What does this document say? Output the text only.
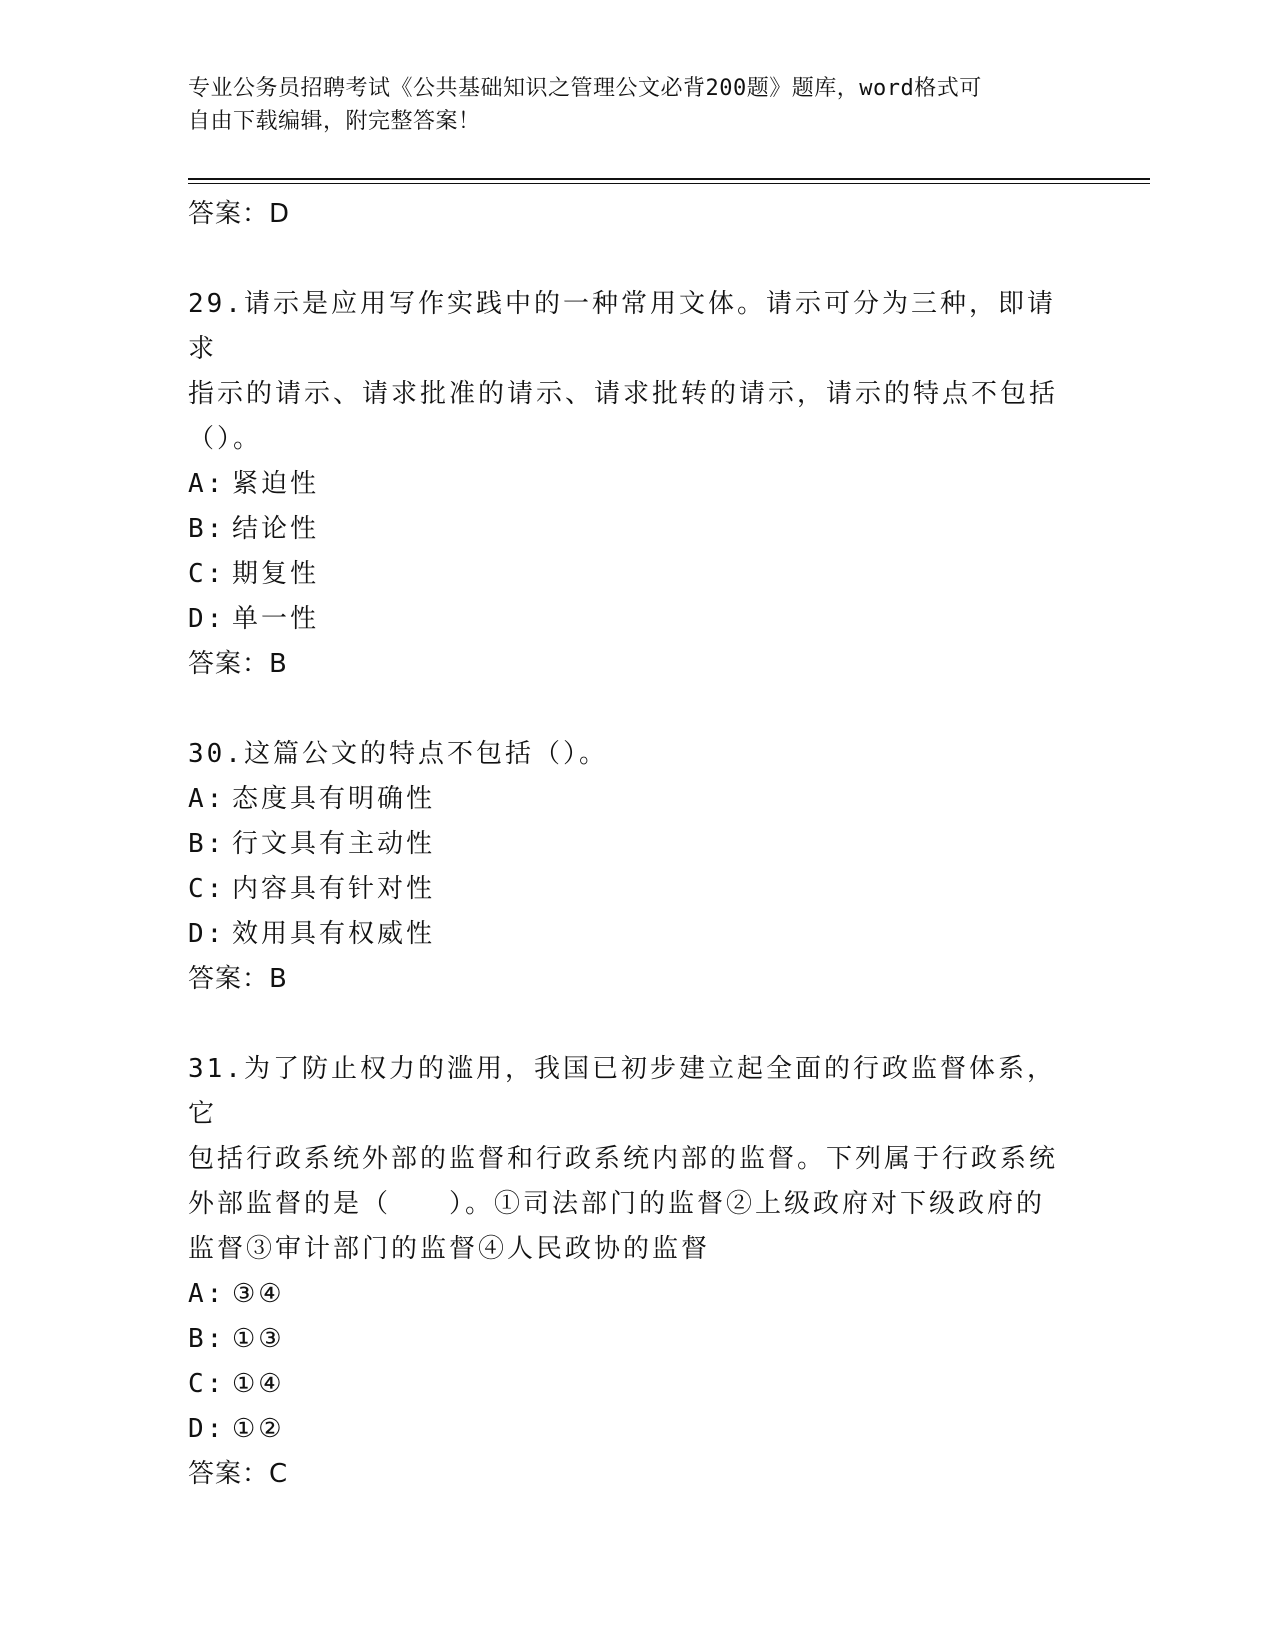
专业公务员招聘考试《公共基础知识之管理公文必背200题》题库，word格式可
自由下载编辑，附完整答案！
答案：D
29.请示是应用写作实践中的一种常用文体。请示可分为三种，即请求
指示的请示、请求批准的请示、请求批转的请示，请示的特点不包括
（）。
A: 紧迫性
B: 结论性
C: 期复性
D: 单一性
答案：B
30.这篇公文的特点不包括（）。
A: 态度具有明确性
B: 行文具有主动性
C: 内容具有针对性
D: 效用具有权威性
答案：B
31.为了防止权力的滥用，我国已初步建立起全面的行政监督体系，它
包括行政系统外部的监督和行政系统内部的监督。下列属于行政系统
外部监督的是（　　）。①司法部门的监督②上级政府对下级政府的
监督③审计部门的监督④人民政协的监督
A: ③④
B: ①③
C: ①④
D: ①②
答案：C
